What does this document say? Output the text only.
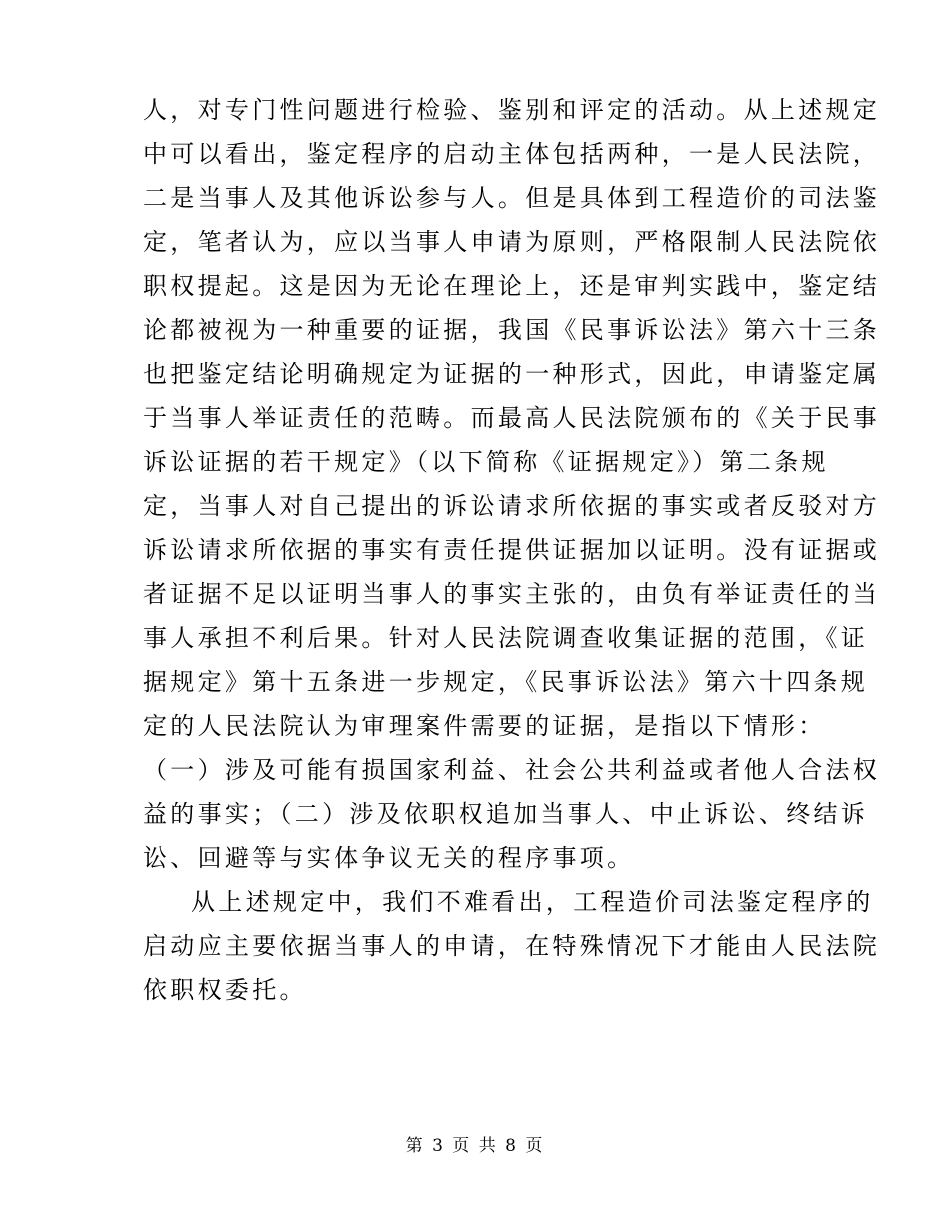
人，对专门性问题进行检验、鉴别和评定的活动。从上述规定
中可以看出，鉴定程序的启动主体包括两种，一是人民法院，
二是当事人及其他诉讼参与人。但是具体到工程造价的司法鉴
定，笔者认为，应以当事人申请为原则，严格限制人民法院依
职权提起。这是因为无论在理论上，还是审判实践中，鉴定结
论都被视为一种重要的证据，我国《民事诉讼法》第六十三条
也把鉴定结论明确规定为证据的一种形式，因此，申请鉴定属
于当事人举证责任的范畴。而最高人民法院颁布的《关于民事
诉讼证据的若干规定》（以下简称《证据规定》）第二条规
定，当事人对自己提出的诉讼请求所依据的事实或者反驳对方
诉讼请求所依据的事实有责任提供证据加以证明。没有证据或
者证据不足以证明当事人的事实主张的，由负有举证责任的当
事人承担不利后果。针对人民法院调查收集证据的范围，《证
据规定》第十五条进一步规定，《民事诉讼法》第六十四条规
定的人民法院认为审理案件需要的证据，是指以下情形：
（一）涉及可能有损国家利益、社会公共利益或者他人合法权
益的事实；（二）涉及依职权追加当事人、中止诉讼、终结诉
讼、回避等与实体争议无关的程序事项。
从上述规定中，我们不难看出，工程造价司法鉴定程序的
启动应主要依据当事人的申请，在特殊情况下才能由人民法院
依职权委托。
第 3 页 共 8 页
